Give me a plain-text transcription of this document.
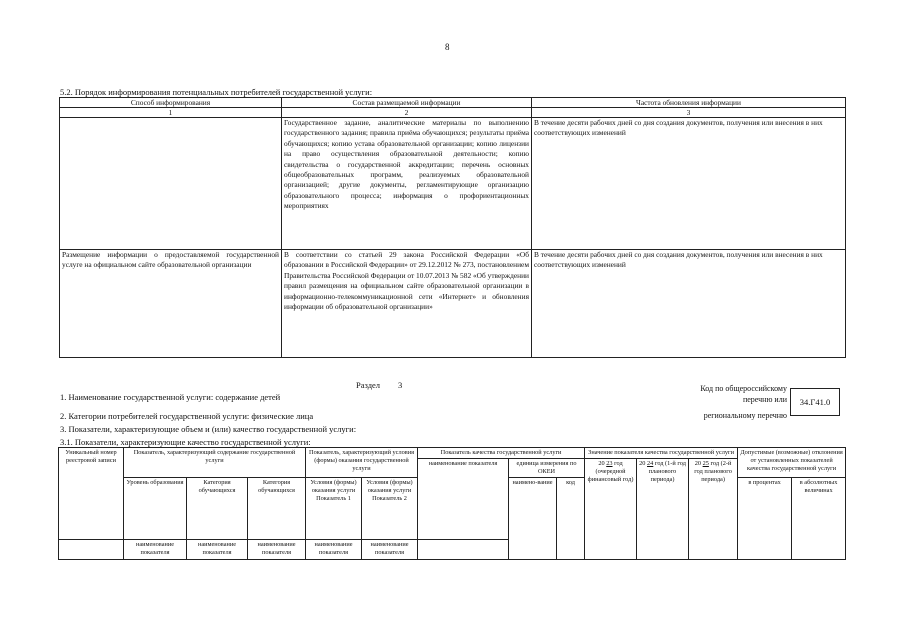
8
5.2. Порядок информирования потенциальных потребителей государственной услуги:
Способ информирования	Состав размещаемой информации	Частота обновления информации
1	2	3
	Государственное задание, аналитические материалы по выполнению государственного задания; правила приёма обучающихся; результаты приёма обучающихся; копию устава образовательной организации; копию лицензии на право осуществления образовательной деятельности; копию свидетельства о государственной аккредитации; перечень основных общеобразовательных программ, реализуемых образовательной организацией; другие документы, регламентирующие организацию образовательного процесса; информация о профориентационных мероприятиях	В течение десяти рабочих дней со дня создания документов, получения или внесения в них соответствующих изменений
Размещение информации о предоставляемой государственной услуге на официальном сайте образовательной организации	В соответствии со статьей 29 закона Российской Федерации «Об образовании в Российской Федерации» от 29.12.2012 № 273, постановлением Правительства Российской Федерации от 10.07.2013 № 582 «Об утверждении правил размещения на официальном сайте образовательной организации в информационно-телекоммуникационной сети «Интернет» и обновления информации об образовательной организации»	В течение десяти рабочих дней со дня создания документов, получения или внесения в них соответствующих изменений
Раздел 3
1. Наименование государственной услуги: содержание детей
2. Категории потребителей государственной услуги: физические лица
3. Показатели, характеризующие объем и (или) качество государственной услуги:
3.1. Показатели, характеризующие качество государственной услуги:
Код по общероссийскому
перечню или
региональному перечню
34.Г41.0
Уникальный номер реестровой записи	Показатель, характеризующий содержание государственной услуги			Показатель, характеризующий условия (формы) оказания государственной услуги		Показатель качества государственной услуги			Значение показателя качества государственной услуги			Допустимые (возможные) отклонения от установленных показателей качества государственной услуги	
						наименование показателя	единица измерения по ОКЕИ		20 23 год (очередной финансовый год)	20 24 год (1-й год планового периода)	20 25 год (2-й год планового периода)		
	Уровень образования	Категория обучающихся	Категория обучающихся	Условия (формы) оказания услуги Показатель 1	Условия (формы) оказания услуги Показатель 2		наимено-вание	код				в процентах	в абсолютных величинах
	наименование показателя	наименование показателя	наименование показателя	наименование показателя	наименование показателя								
